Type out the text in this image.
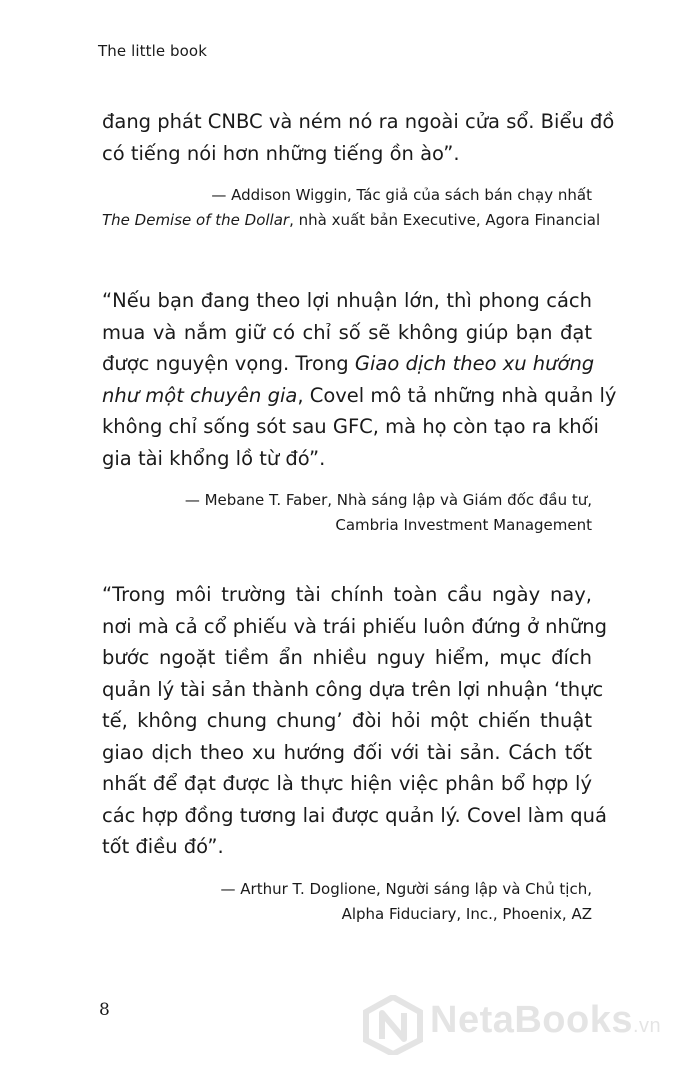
The little book

đang phát CNBC và ném nó ra ngoài cửa sổ. Biểu đồ
có tiếng nói hơn những tiếng ồn ào”.

— Addison Wiggin, Tác giả của sách bán chạy nhất
The Demise of the Dollar, nhà xuất bản Executive, Agora Financial

“Nếu bạn đang theo lợi nhuận lớn, thì phong cách
mua và nắm giữ có chỉ số sẽ không giúp bạn đạt
được nguyện vọng. Trong Giao dịch theo xu hướng
như một chuyên gia, Covel mô tả những nhà quản lý
không chỉ sống sót sau GFC, mà họ còn tạo ra khối
gia tài khổng lồ từ đó”.

— Mebane T. Faber, Nhà sáng lập và Giám đốc đầu tư,
Cambria Investment Management

“Trong môi trường tài chính toàn cầu ngày nay,
nơi mà cả cổ phiếu và trái phiếu luôn đứng ở những
bước ngoặt tiềm ẩn nhiều nguy hiểm, mục đích
quản lý tài sản thành công dựa trên lợi nhuận ‘thực
tế, không chung chung’ đòi hỏi một chiến thuật
giao dịch theo xu hướng đối với tài sản. Cách tốt
nhất để đạt được là thực hiện việc phân bổ hợp lý
các hợp đồng tương lai được quản lý. Covel làm quá
tốt điều đó”.

— Arthur T. Doglione, Người sáng lập và Chủ tịch,
Alpha Fiduciary, Inc., Phoenix, AZ
8	NetaBooks.vn
